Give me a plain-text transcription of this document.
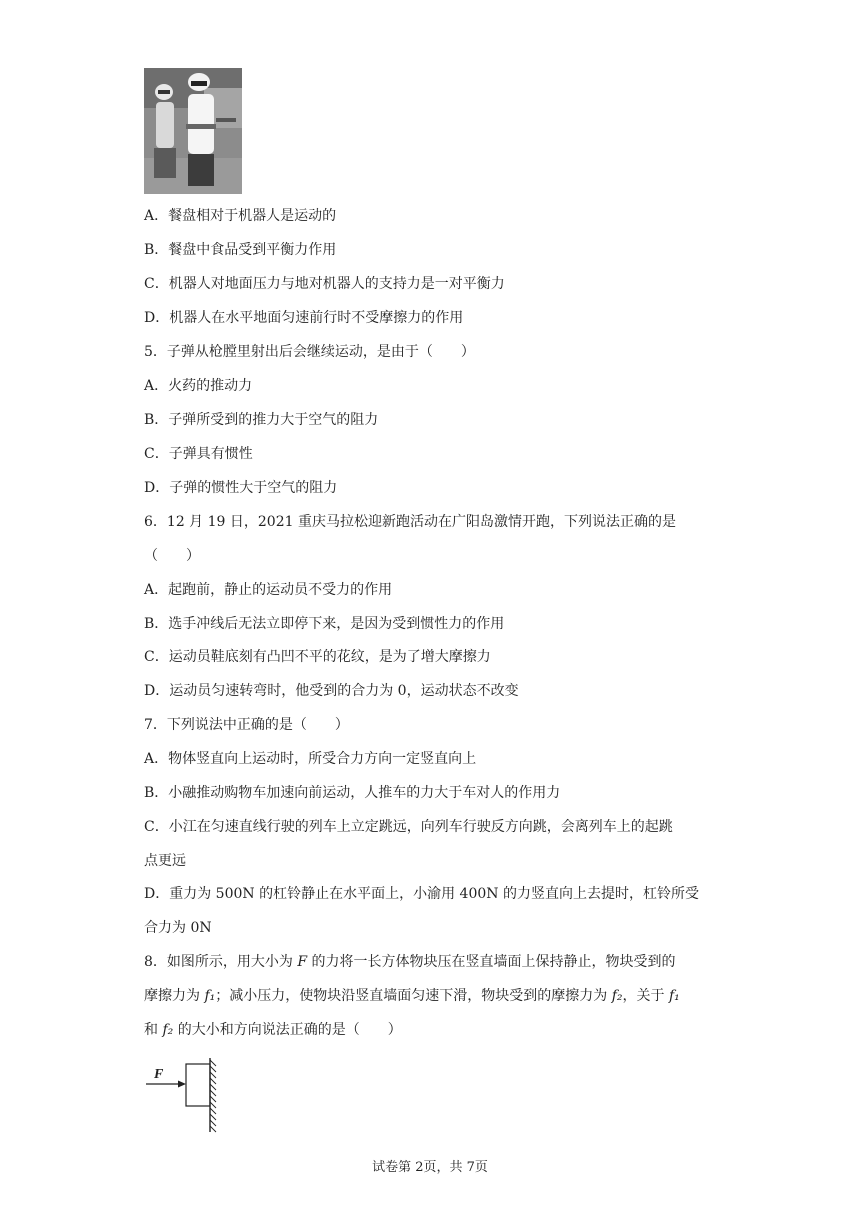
A．餐盘相对于机器人是运动的
B．餐盘中食品受到平衡力作用
C．机器人对地面压力与地对机器人的支持力是一对平衡力
D．机器人在水平地面匀速前行时不受摩擦力的作用
5．子弹从枪膛里射出后会继续运动，是由于（　　）
A．火药的推动力
B．子弹所受到的推力大于空气的阻力
C．子弹具有惯性
D．子弹的惯性大于空气的阻力
6．12 月 19 日，2021 重庆马拉松迎新跑活动在广阳岛激情开跑，下列说法正确的是
（　　）
A．起跑前，静止的运动员不受力的作用
B．选手冲线后无法立即停下来，是因为受到惯性力的作用
C．运动员鞋底刻有凸凹不平的花纹，是为了增大摩擦力
D．运动员匀速转弯时，他受到的合力为 0，运动状态不改变
7．下列说法中正确的是（　　）
A．物体竖直向上运动时，所受合力方向一定竖直向上
B．小融推动购物车加速向前运动，人推车的力大于车对人的作用力
C．小江在匀速直线行驶的列车上立定跳远，向列车行驶反方向跳，会离列车上的起跳
点更远
D．重力为 500N 的杠铃静止在水平面上，小渝用 400N 的力竖直向上去提时，杠铃所受
合力为 0N
8．如图所示，用大小为 F 的力将一长方体物块压在竖直墙面上保持静止，物块受到的
摩擦力为 f₁；减小压力，使物块沿竖直墙面匀速下滑，物块受到的摩擦力为 f₂，关于 f₁
和 f₂ 的大小和方向说法正确的是（　　）
F
试卷第 2页，共 7页
